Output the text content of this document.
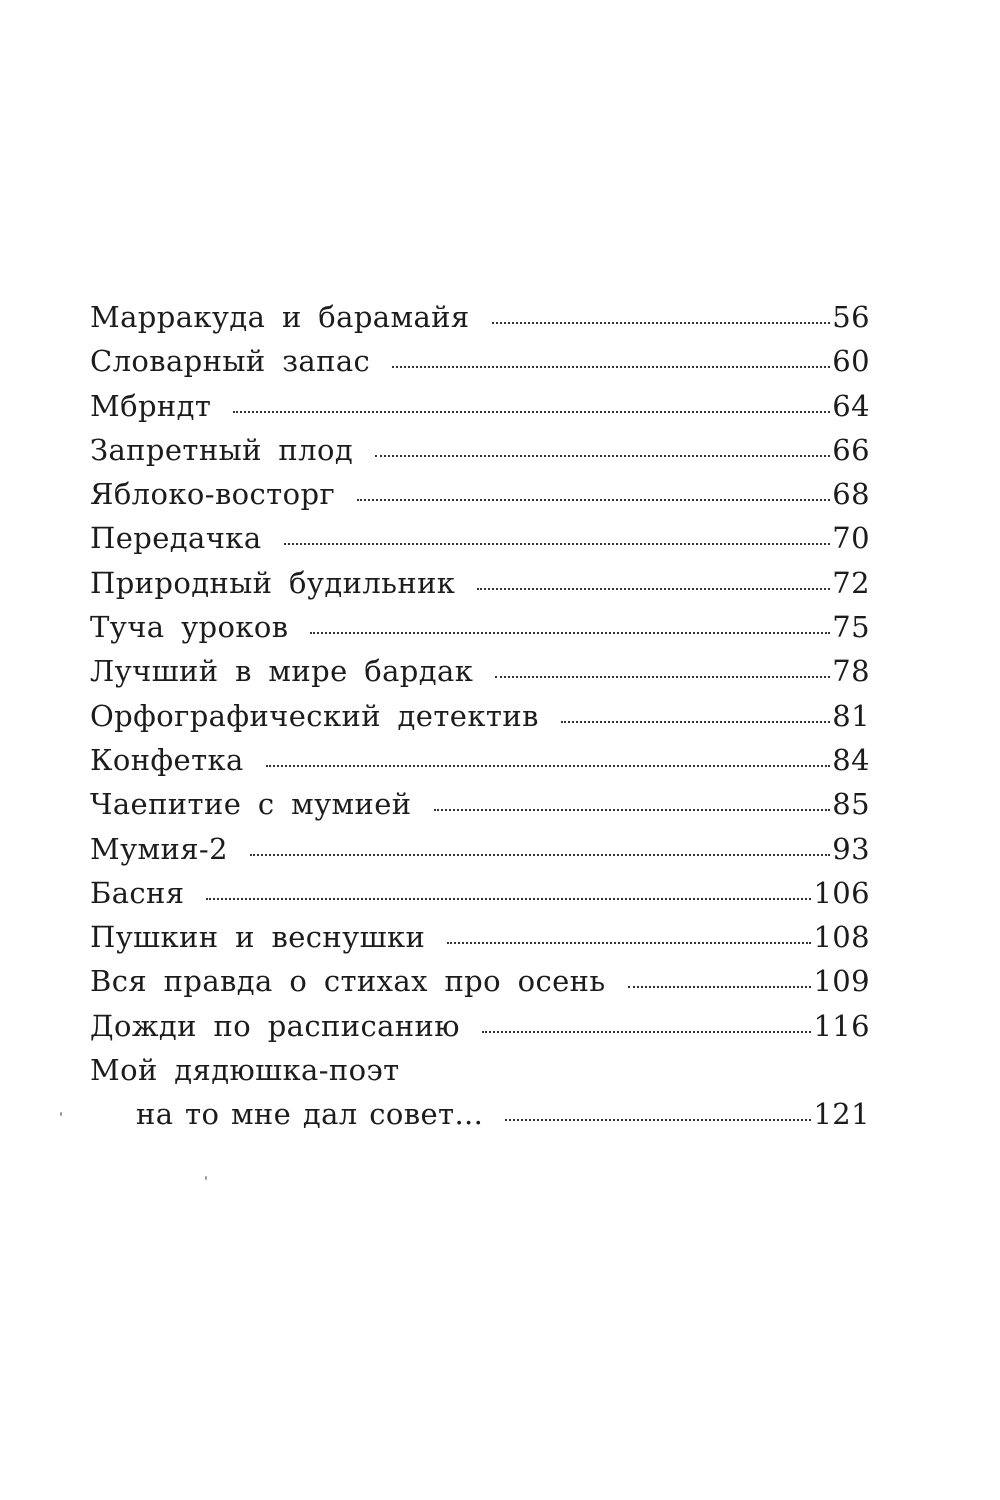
Марракуда и барамайя	56
Словарный запас	60
Мбрндт	64
Запретный плод	66
Яблоко-восторг	68
Передачка	70
Природный будильник	72
Туча уроков	75
Лучший в мире бардак	78
Орфографический детектив	81
Конфетка	84
Чаепитие с мумией	85
Мумия-2	93
Басня	106
Пушкин и веснушки	108
Вся правда о стихах про осень	109
Дожди по расписанию	116
Мой дядюшка-поэт
на то мне дал совет...	121
